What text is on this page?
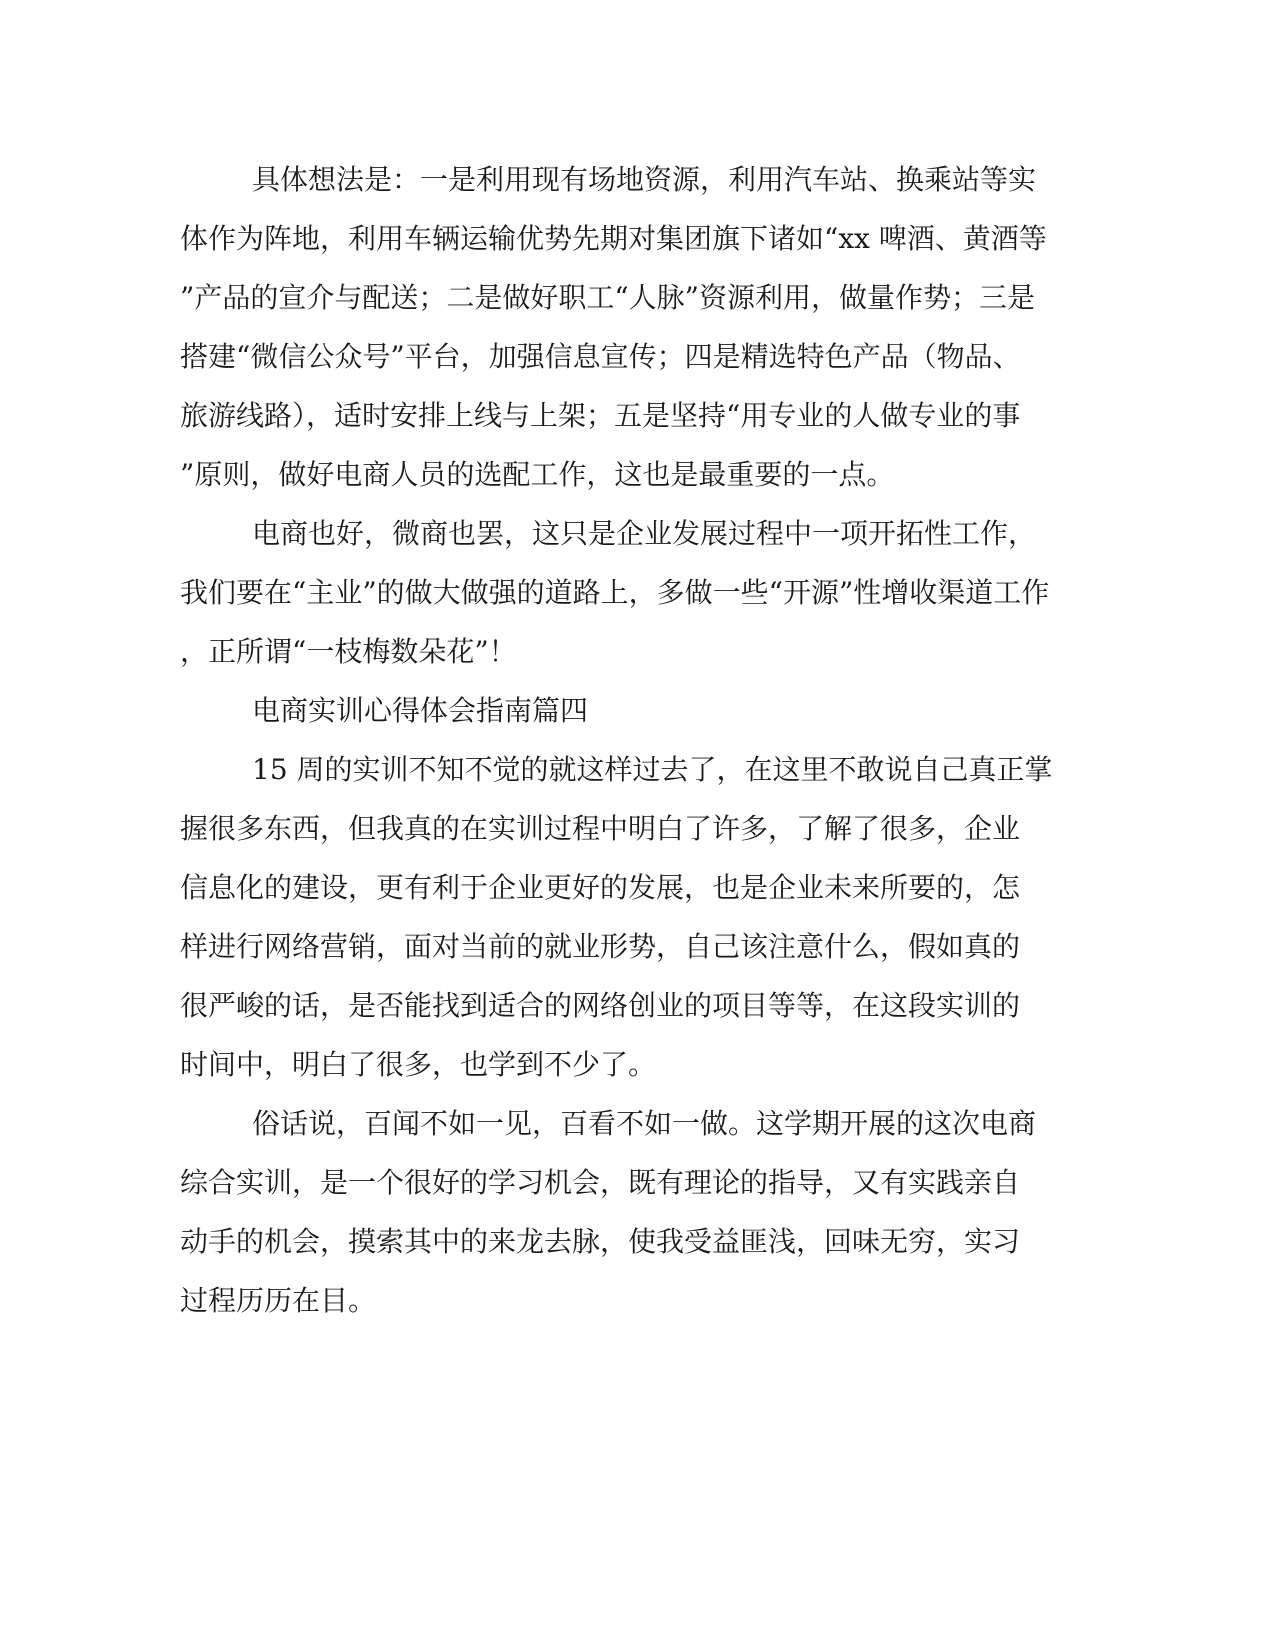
具体想法是：一是利用现有场地资源，利用汽车站、换乘站等实
体作为阵地，利用车辆运输优势先期对集团旗下诸如“xx 啤酒、黄酒等
”产品的宣介与配送；二是做好职工“人脉”资源利用，做量作势；三是
搭建“微信公众号”平台，加强信息宣传；四是精选特色产品（物品、
旅游线路），适时安排上线与上架；五是坚持“用专业的人做专业的事
”原则，做好电商人员的选配工作，这也是最重要的一点。
电商也好，微商也罢，这只是企业发展过程中一项开拓性工作，
我们要在“主业”的做大做强的道路上，多做一些“开源”性增收渠道工作
，正所谓“一枝梅数朵花”！
电商实训心得体会指南篇四
15 周的实训不知不觉的就这样过去了，在这里不敢说自己真正掌
握很多东西，但我真的在实训过程中明白了许多，了解了很多，企业
信息化的建设，更有利于企业更好的发展，也是企业未来所要的，怎
样进行网络营销，面对当前的就业形势，自己该注意什么，假如真的
很严峻的话，是否能找到适合的网络创业的项目等等，在这段实训的
时间中，明白了很多，也学到不少了。
俗话说，百闻不如一见，百看不如一做。这学期开展的这次电商
综合实训，是一个很好的学习机会，既有理论的指导，又有实践亲自
动手的机会，摸索其中的来龙去脉，使我受益匪浅，回味无穷，实习
过程历历在目。
